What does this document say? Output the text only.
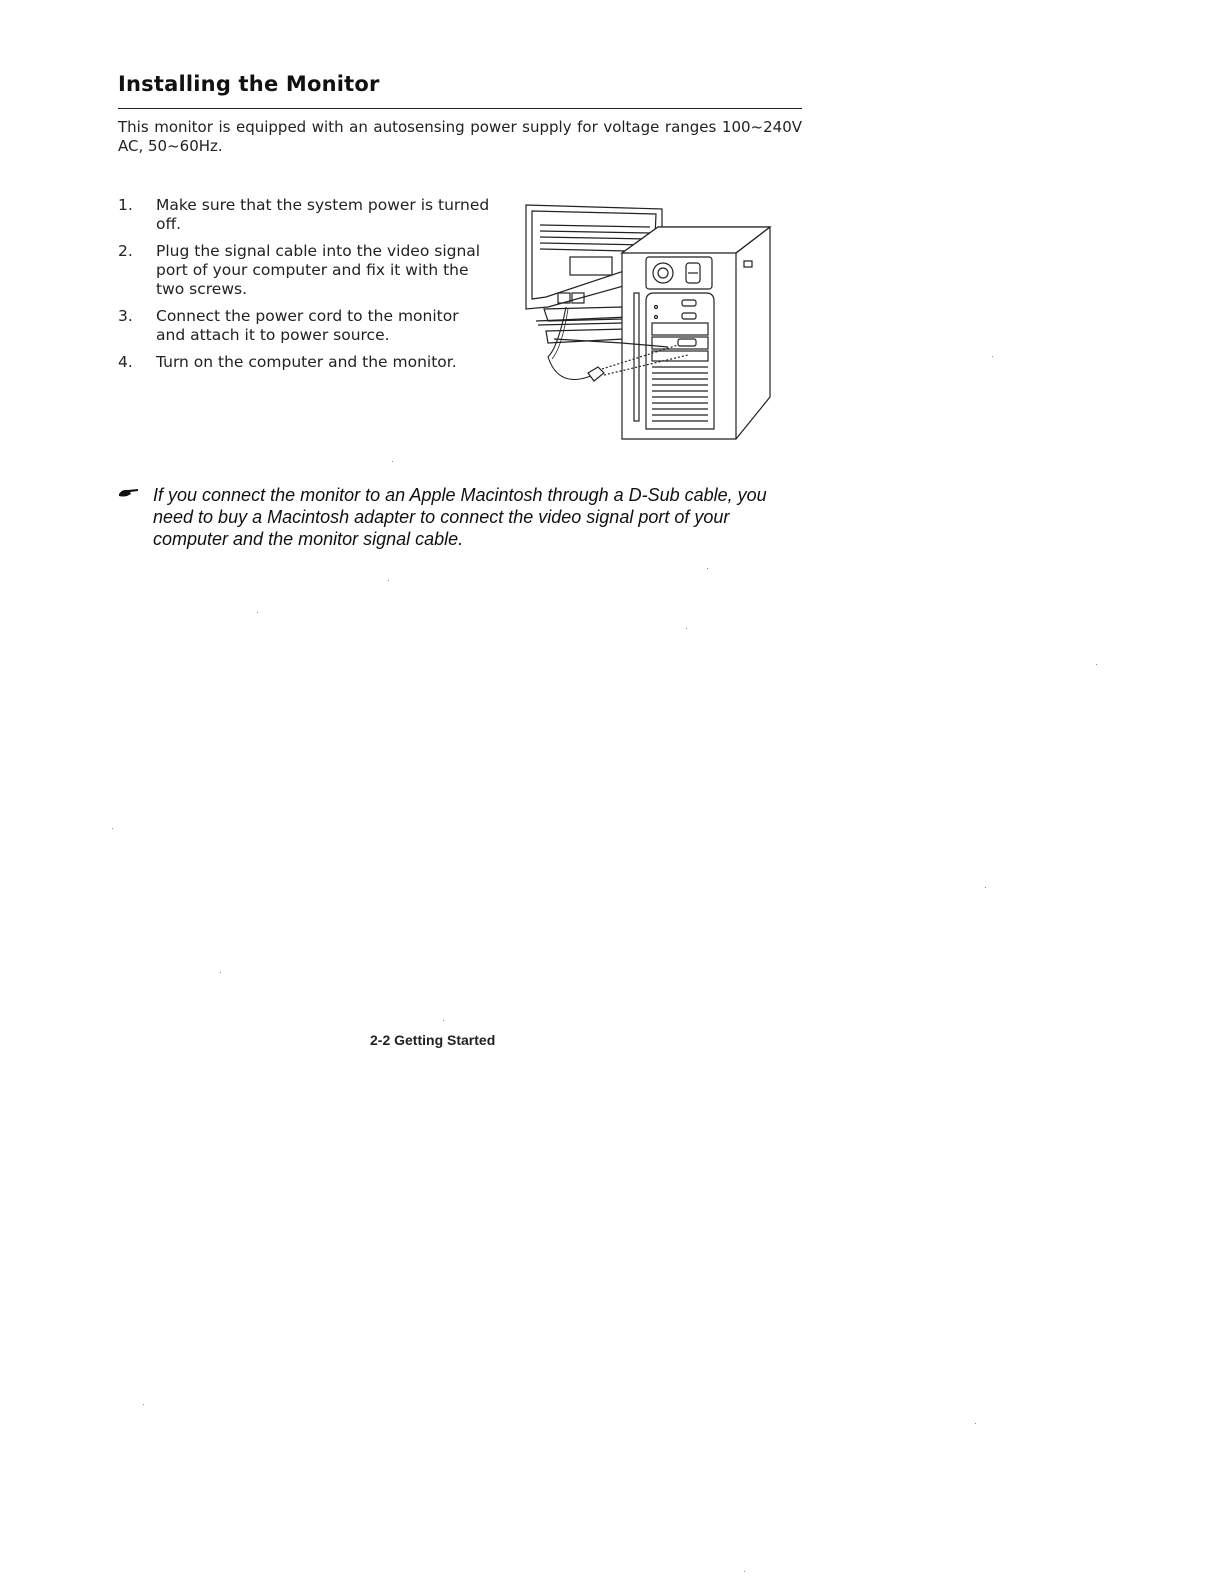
Installing the Monitor
This monitor is equipped with an autosensing power supply for voltage ranges 100~240V AC, 50~60Hz.
1.	Make sure that the system power is turned off.
2.	Plug the signal cable into the video signal port of your computer and fix it with the two screws.
3.	Connect the power cord to the monitor and attach it to power source.
4.	Turn on the computer and the monitor.
If you connect the monitor to an Apple Macintosh through a D-Sub cable, you need to buy a Macintosh adapter to connect the video signal port of your computer and the monitor signal cable.
2-2 Getting Started
